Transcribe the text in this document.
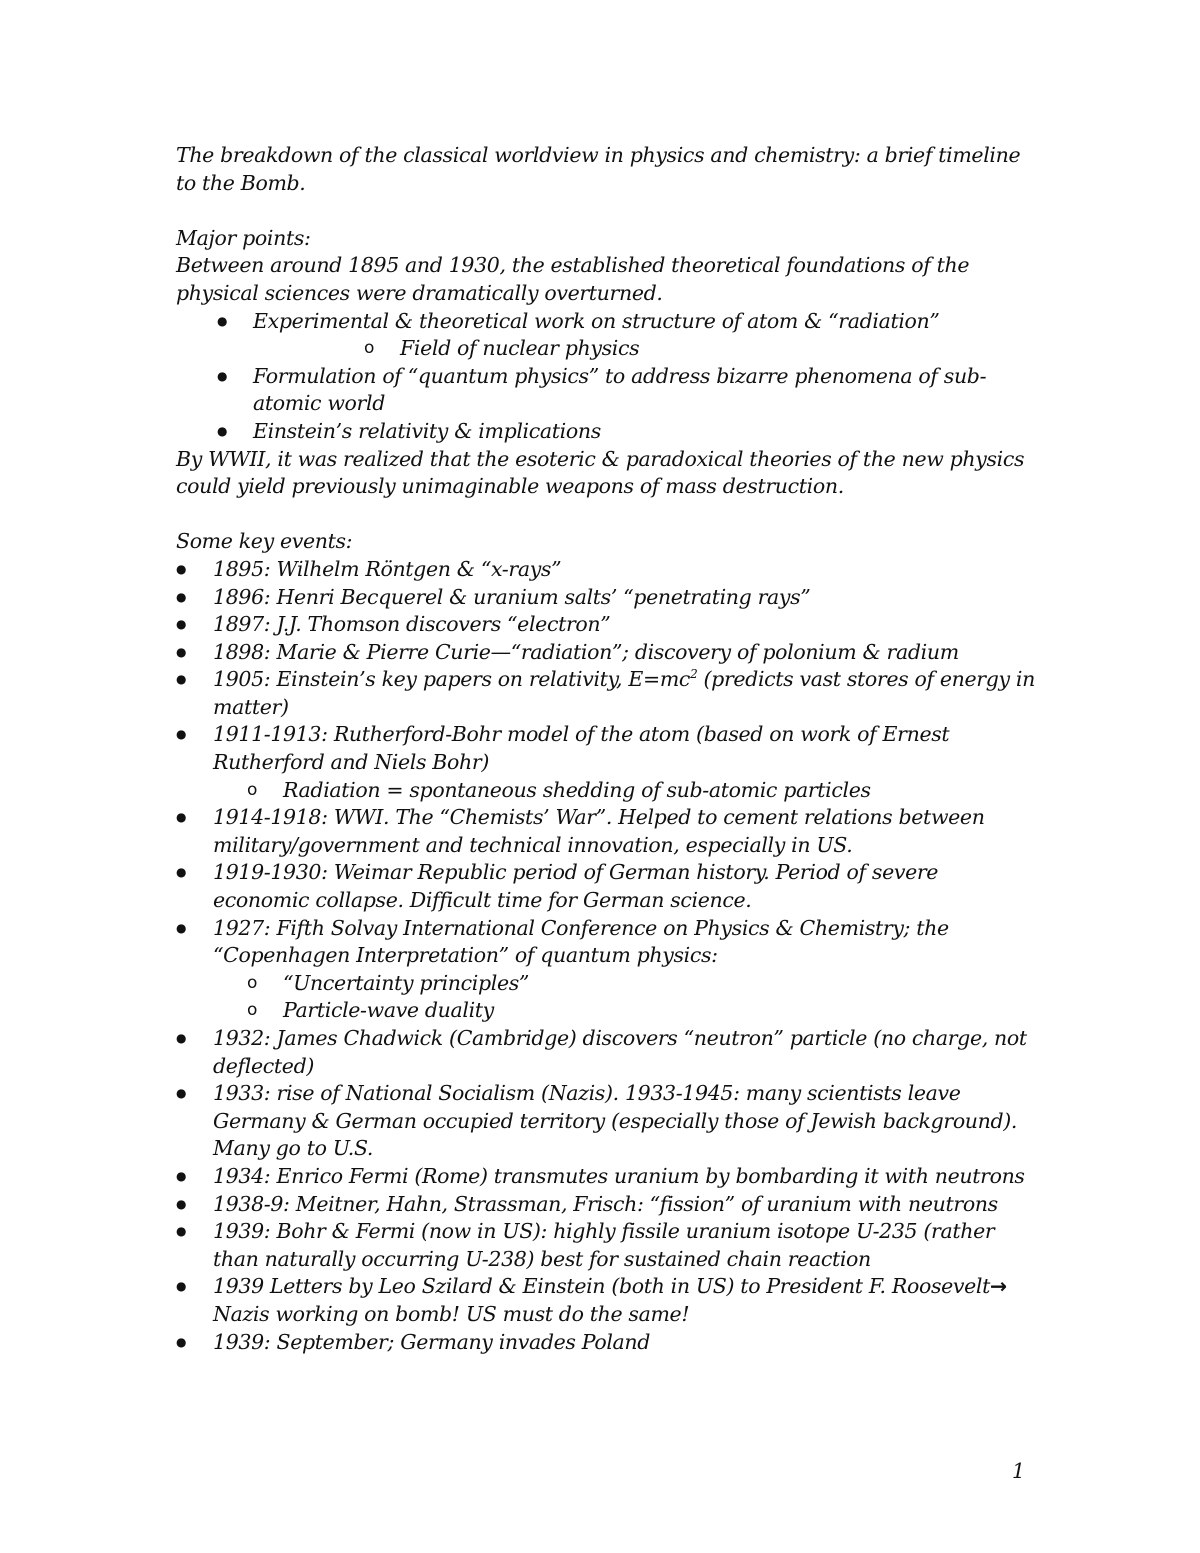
The breakdown of the classical worldview in physics and chemistry: a brief timeline to the Bomb.

Major points:

Between around 1895 and 1930, the established theoretical foundations of the physical sciences were dramatically overturned.

● Experimental & theoretical work on structure of atom & “radiation”
o Field of nuclear physics
● Formulation of “quantum physics” to address bizarre phenomena of sub-atomic world
● Einstein’s relativity & implications

By WWII, it was realized that the esoteric & paradoxical theories of the new physics could yield previously unimaginable weapons of mass destruction.

Some key events:

● 1895: Wilhelm Röntgen & “x-rays”
● 1896: Henri Becquerel & uranium salts’ “penetrating rays”
● 1897: J.J. Thomson discovers “electron”
● 1898: Marie & Pierre Curie—“radiation”; discovery of polonium & radium
● 1905: Einstein’s key papers on relativity, $E=mc^2$ (predicts vast stores of energy in matter)
● 1911-1913: Rutherford-Bohr model of the atom (based on work of Ernest Rutherford and Niels Bohr)
o Radiation = spontaneous shedding of sub-atomic particles
● 1914-1918: WWI. The “Chemists’ War”. Helped to cement relations between military/government and technical innovation, especially in US.
● 1919-1930: Weimar Republic period of German history. Period of severe economic collapse. Difficult time for German science.
● 1927: Fifth Solvay International Conference on Physics & Chemistry; the “Copenhagen Interpretation” of quantum physics:
o “Uncertainty principles”
o Particle-wave duality
● 1932: James Chadwick (Cambridge) discovers “neutron” particle (no charge, not deflected)
● 1933: rise of National Socialism (Nazis). 1933-1945: many scientists leave Germany & German occupied territory (especially those of Jewish background). Many go to U.S.
● 1934: Enrico Fermi (Rome) transmutes uranium by bombarding it with neutrons
● 1938-9: Meitner, Hahn, Strassman, Frisch: “fission” of uranium with neutrons
● 1939: Bohr & Fermi (now in US): highly fissile uranium isotope U-235 (rather than naturally occurring U-238) best for sustained chain reaction
● 1939 Letters by Leo Szilard & Einstein (both in US) to President F. Roosevelt→ Nazis working on bomb! US must do the same!
● 1939: September; Germany invades Poland
1
